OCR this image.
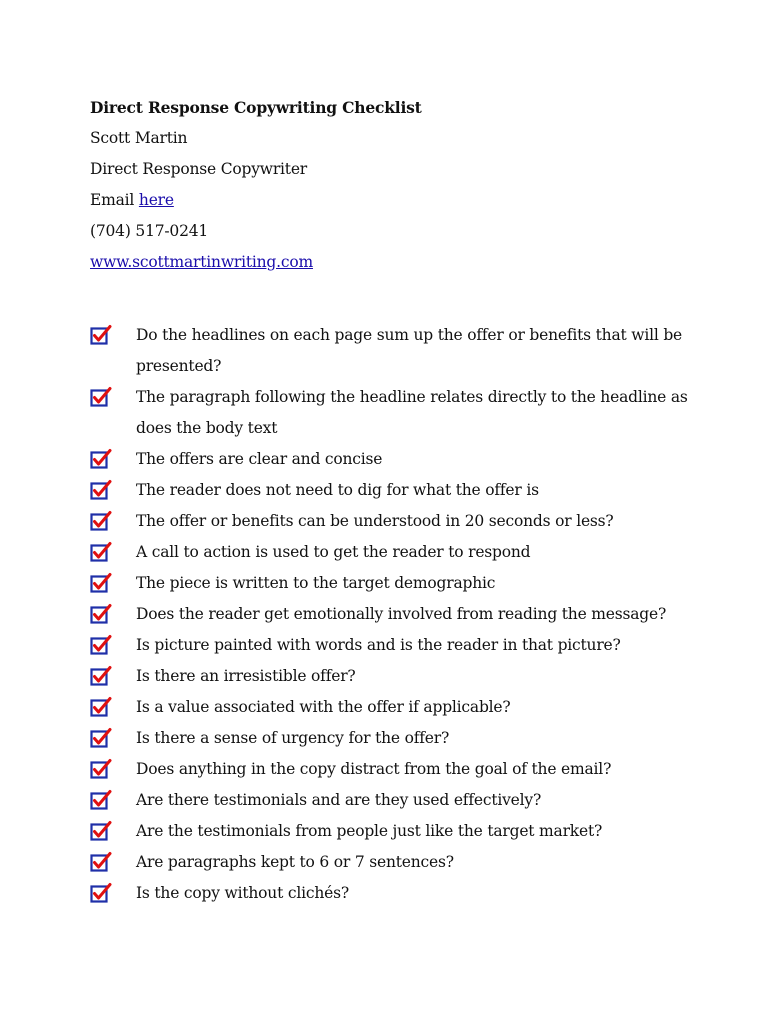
Direct Response Copywriting Checklist
Scott Martin
Direct Response Copywriter
Email here
(704) 517-0241
www.scottmartinwriting.com
Do the headlines on each page sum up the offer or benefits that will be presented?
The paragraph following the headline relates directly to the headline as does the body text
The offers are clear and concise
The reader does not need to dig for what the offer is
The offer or benefits can be understood in 20 seconds or less?
A call to action is used to get the reader to respond
The piece is written to the target demographic
Does the reader get emotionally involved from reading the message?
Is picture painted with words and is the reader in that picture?
Is there an irresistible offer?
Is a value associated with the offer if applicable?
Is there a sense of urgency for the offer?
Does anything in the copy distract from the goal of the email?
Are there testimonials and are they used effectively?
Are the testimonials from people just like the target market?
Are paragraphs kept to 6 or 7 sentences?
Is the copy without clichés?
